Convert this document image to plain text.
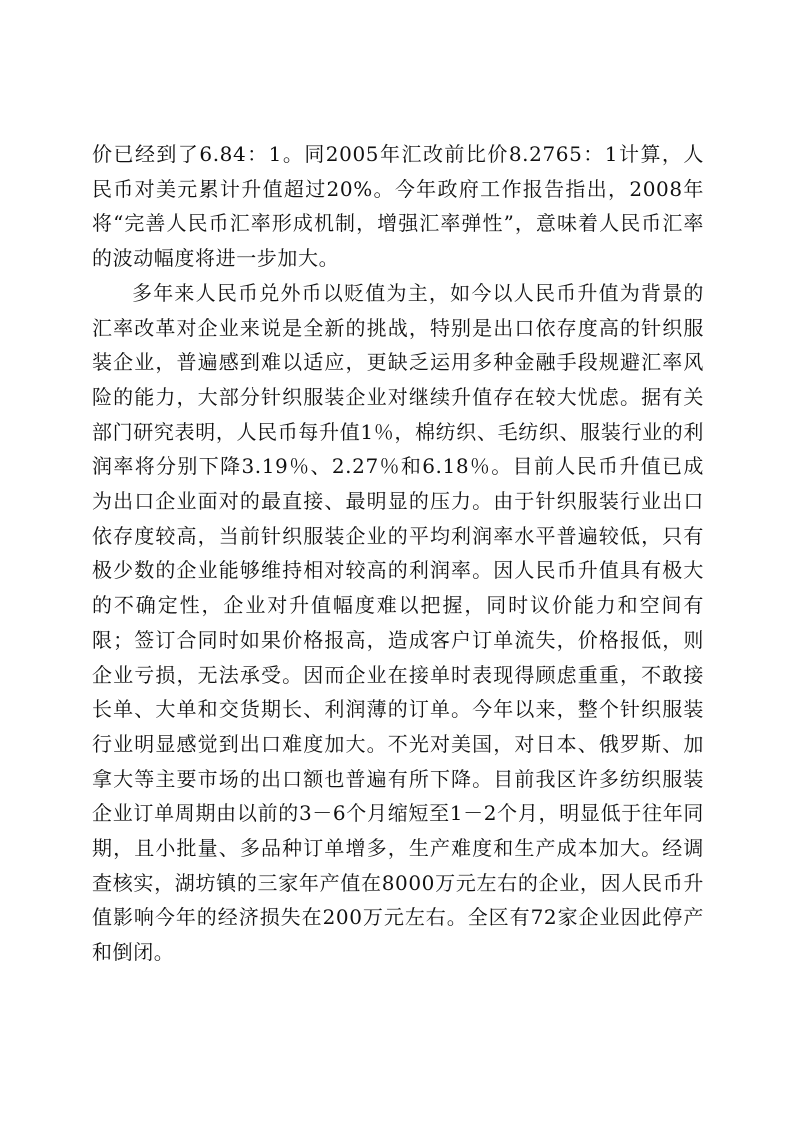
价已经到了6.84：1。同2005年汇改前比价8.2765：1计算，人民币对美元累计升值超过20%。今年政府工作报告指出，2008年将“完善人民币汇率形成机制，增强汇率弹性”，意味着人民币汇率的波动幅度将进一步加大。

多年来人民币兑外币以贬值为主，如今以人民币升值为背景的汇率改革对企业来说是全新的挑战，特别是出口依存度高的针织服装企业，普遍感到难以适应，更缺乏运用多种金融手段规避汇率风险的能力，大部分针织服装企业对继续升值存在较大忧虑。据有关部门研究表明，人民币每升值1％，棉纺织、毛纺织、服装行业的利润率将分别下降3.19％、2.27％和6.18％。目前人民币升值已成为出口企业面对的最直接、最明显的压力。由于针织服装行业出口依存度较高，当前针织服装企业的平均利润率水平普遍较低，只有极少数的企业能够维持相对较高的利润率。因人民币升值具有极大的不确定性，企业对升值幅度难以把握，同时议价能力和空间有限；签订合同时如果价格报高，造成客户订单流失，价格报低，则企业亏损，无法承受。因而企业在接单时表现得顾虑重重，不敢接长单、大单和交货期长、利润薄的订单。今年以来，整个针织服装行业明显感觉到出口难度加大。不光对美国，对日本、俄罗斯、加拿大等主要市场的出口额也普遍有所下降。目前我区许多纺织服装企业订单周期由以前的3－6个月缩短至1－2个月，明显低于往年同期，且小批量、多品种订单增多，生产难度和生产成本加大。经调查核实，湖坊镇的三家年产值在8000万元左右的企业，因人民币升值影响今年的经济损失在200万元左右。全区有72家企业因此停产和倒闭。
